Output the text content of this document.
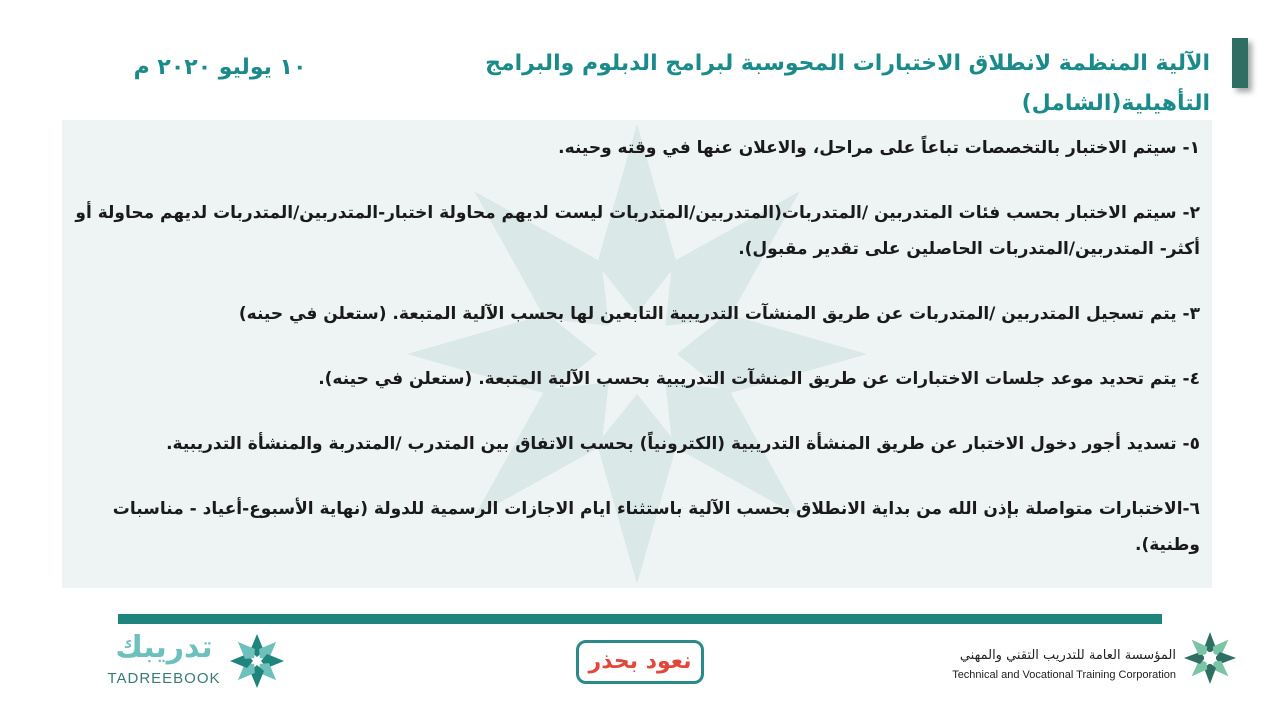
الآلية المنظمة لانطلاق الاختبارات المحوسبة لبرامج الدبلوم والبرامج التأهيلية(الشامل)
١٠ يوليو ٢٠٢٠ م
١- سيتم الاختبار بالتخصصات تباعاً على مراحل، والاعلان عنها في وقته وحينه.
٢- سيتم الاختبار بحسب فئات المتدربين /المتدربات(المتدربين/المتدربات ليست لديهم محاولة اختبار-المتدربين/المتدربات لديهم محاولة أو أكثر- المتدربين/المتدربات الحاصلين على تقدير مقبول).
٣- يتم تسجيل المتدربين /المتدربات عن طريق المنشآت التدريبية التابعين لها بحسب الآلية المتبعة. (ستعلن في حينه)
٤- يتم تحديد موعد جلسات الاختبارات عن طريق المنشآت التدريبية بحسب الآلية المتبعة. (ستعلن في حينه).
٥- تسديد أجور دخول الاختبار عن طريق المنشأة التدريبية (الكترونياً) بحسب الاتفاق بين المتدرب /المتدربة والمنشأة التدريبية.
٦-الاختبارات متواصلة بإذن الله من بداية الانطلاق بحسب الآلية باستثناء ايام الاجازات الرسمية للدولة (نهاية الأسبوع-أعياد - مناسبات وطنية).
تدريبك
TADREEBOOK
نعود بحذر	المؤسسة العامة للتدريب التقني والمهني
Technical and Vocational Training Corporation
